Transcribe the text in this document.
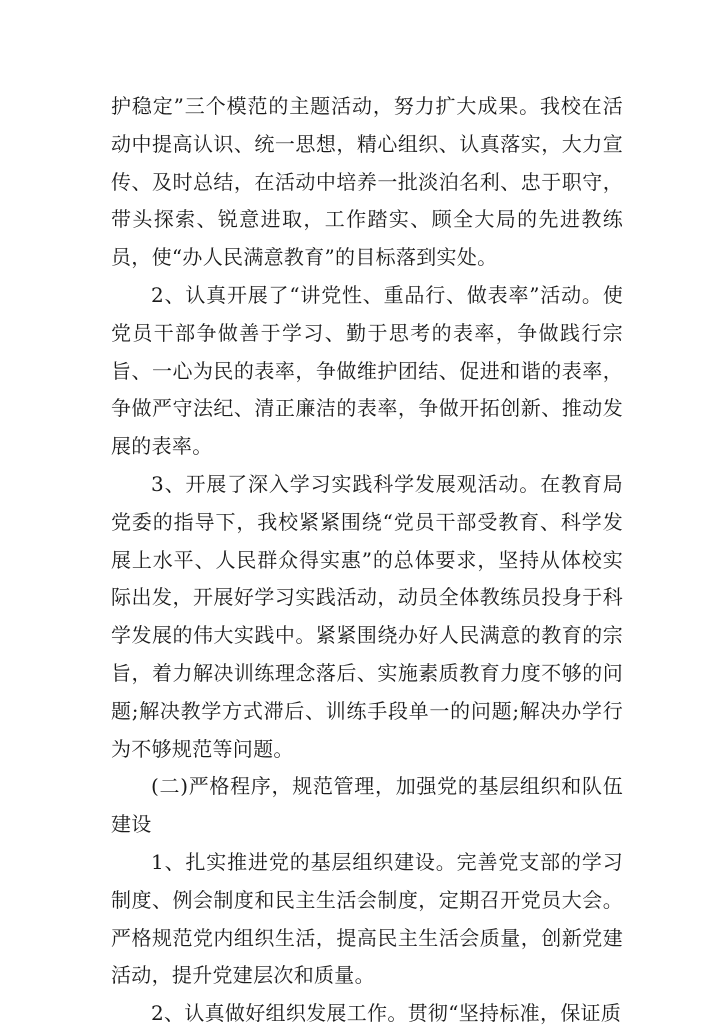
护稳定”三个模范的主题活动，努力扩大成果。我校在活动中提高认识、统一思想，精心组织、认真落实，大力宣传、及时总结，在活动中培养一批淡泊名利、忠于职守，带头探索、锐意进取，工作踏实、顾全大局的先进教练员，使“办人民满意教育”的目标落到实处。

2、认真开展了“讲党性、重品行、做表率”活动。使党员干部争做善于学习、勤于思考的表率，争做践行宗旨、一心为民的表率，争做维护团结、促进和谐的表率，争做严守法纪、清正廉洁的表率，争做开拓创新、推动发展的表率。

3、开展了深入学习实践科学发展观活动。在教育局党委的指导下，我校紧紧围绕“党员干部受教育、科学发展上水平、人民群众得实惠”的总体要求，坚持从体校实际出发，开展好学习实践活动，动员全体教练员投身于科学发展的伟大实践中。紧紧围绕办好人民满意的教育的宗旨，着力解决训练理念落后、实施素质教育力度不够的问题;解决教学方式滞后、训练手段单一的问题;解决办学行为不够规范等问题。

(二)严格程序，规范管理，加强党的基层组织和队伍建设

1、扎实推进党的基层组织建设。完善党支部的学习制度、例会制度和民主生活会制度，定期召开党员大会。严格规范党内组织生活，提高民主生活会质量，创新党建活动，提升党建层次和质量。

2、认真做好组织发展工作。贯彻“坚持标准，保证质
